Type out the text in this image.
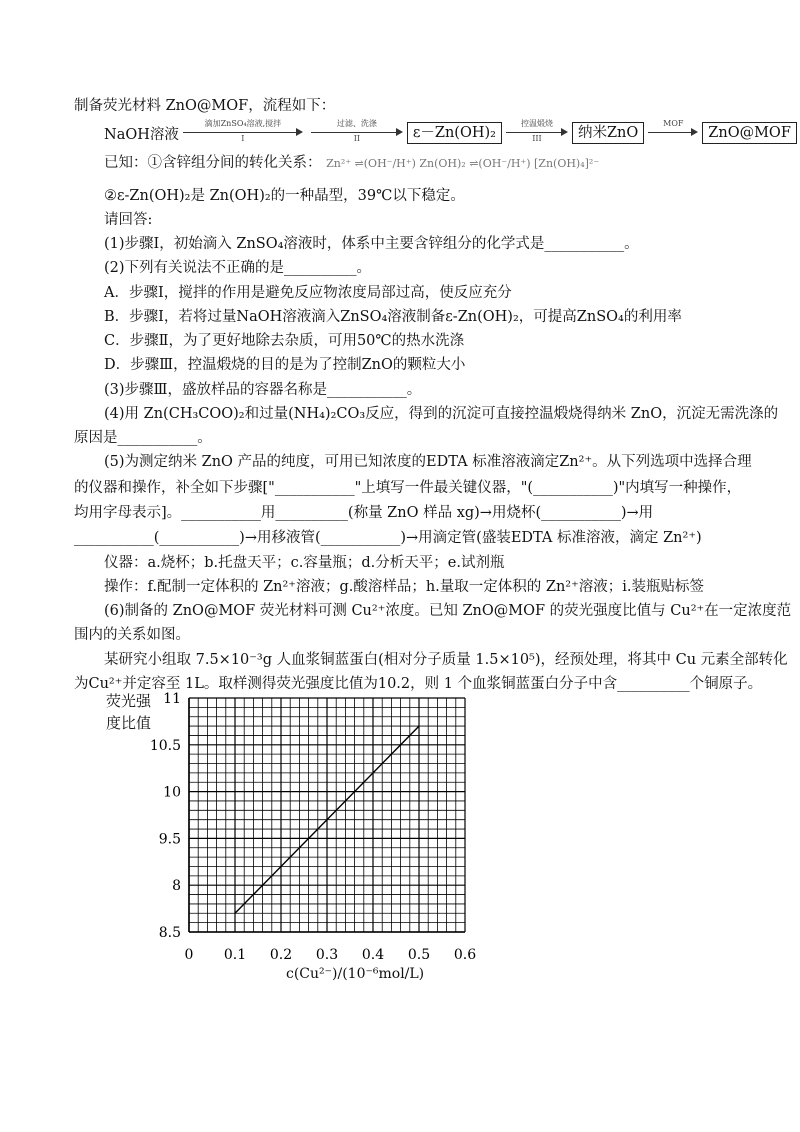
制备荧光材料 ZnO@MOF，流程如下：
NaOH溶液
滴加ZnSO₄溶液,搅拌
I
过滤、洗涤
II	ε－Zn(OH)₂
控温煅烧
III	纳米ZnO
MOF
ZnO@MOF
已知：①含锌组分间的转化关系： Zn²⁺ ⇌(OH⁻/H⁺) Zn(OH)₂ ⇌(OH⁻/H⁺) [Zn(OH)₄]²⁻
②ε-Zn(OH)₂是 Zn(OH)₂的一种晶型，39℃以下稳定。
请回答:
(1)步骤Ⅰ，初始滴入 ZnSO₄溶液时，体系中主要含锌组分的化学式是___________。
(2)下列有关说法不正确的是__________。
A．步骤Ⅰ，搅拌的作用是避免反应物浓度局部过高，使反应充分
B．步骤Ⅰ，若将过量NaOH溶液滴入ZnSO₄溶液制备ε-Zn(OH)₂，可提高ZnSO₄的利用率
C．步骤Ⅱ，为了更好地除去杂质，可用50℃的热水洗涤
D．步骤Ⅲ，控温煅烧的目的是为了控制ZnO的颗粒大小
(3)步骤Ⅲ，盛放样品的容器名称是___________。
(4)用 Zn(CH₃COO)₂和过量(NH₄)₂CO₃反应，得到的沉淀可直接控温煅烧得纳米 ZnO，沉淀无需洗涤的
原因是___________。
(5)为测定纳米 ZnO 产品的纯度，可用已知浓度的EDTA 标准溶液滴定Zn²⁺。从下列选项中选择合理
的仪器和操作，补全如下步骤["___________"上填写一件最关键仪器，"(___________)"内填写一种操作，
均用字母表示]。___________用__________(称量 ZnO 样品 xg)→用烧杯(___________)→用
___________(___________)→用移液管(___________)→用滴定管(盛装EDTA 标准溶液，滴定 Zn²⁺)
仪器：a.烧杯；b.托盘天平；c.容量瓶；d.分析天平；e.试剂瓶
操作：f.配制一定体积的 Zn²⁺溶液；g.酸溶样品；h.量取一定体积的 Zn²⁺溶液；i.装瓶贴标签
(6)制备的 ZnO@MOF 荧光材料可测 Cu²⁺浓度。已知 ZnO@MOF 的荧光强度比值与 Cu²⁺在一定浓度范
围内的关系如图。
某研究小组取 7.5×10⁻³g 人血浆铜蓝蛋白(相对分子质量 1.5×10⁵)，经预处理，将其中 Cu 元素全部转化
为Cu²⁺并定容至 1L。取样测得荧光强度比值为10.2，则 1 个血浆铜蓝蛋白分子中含__________个铜原子。
荧光强
度比值
0 0.1 0.2 0.3 0.4 0.5 0.6
8.5
8
9.5
10
10.5
11
c(Cu²⁻)/(10⁻⁶mol/L)
